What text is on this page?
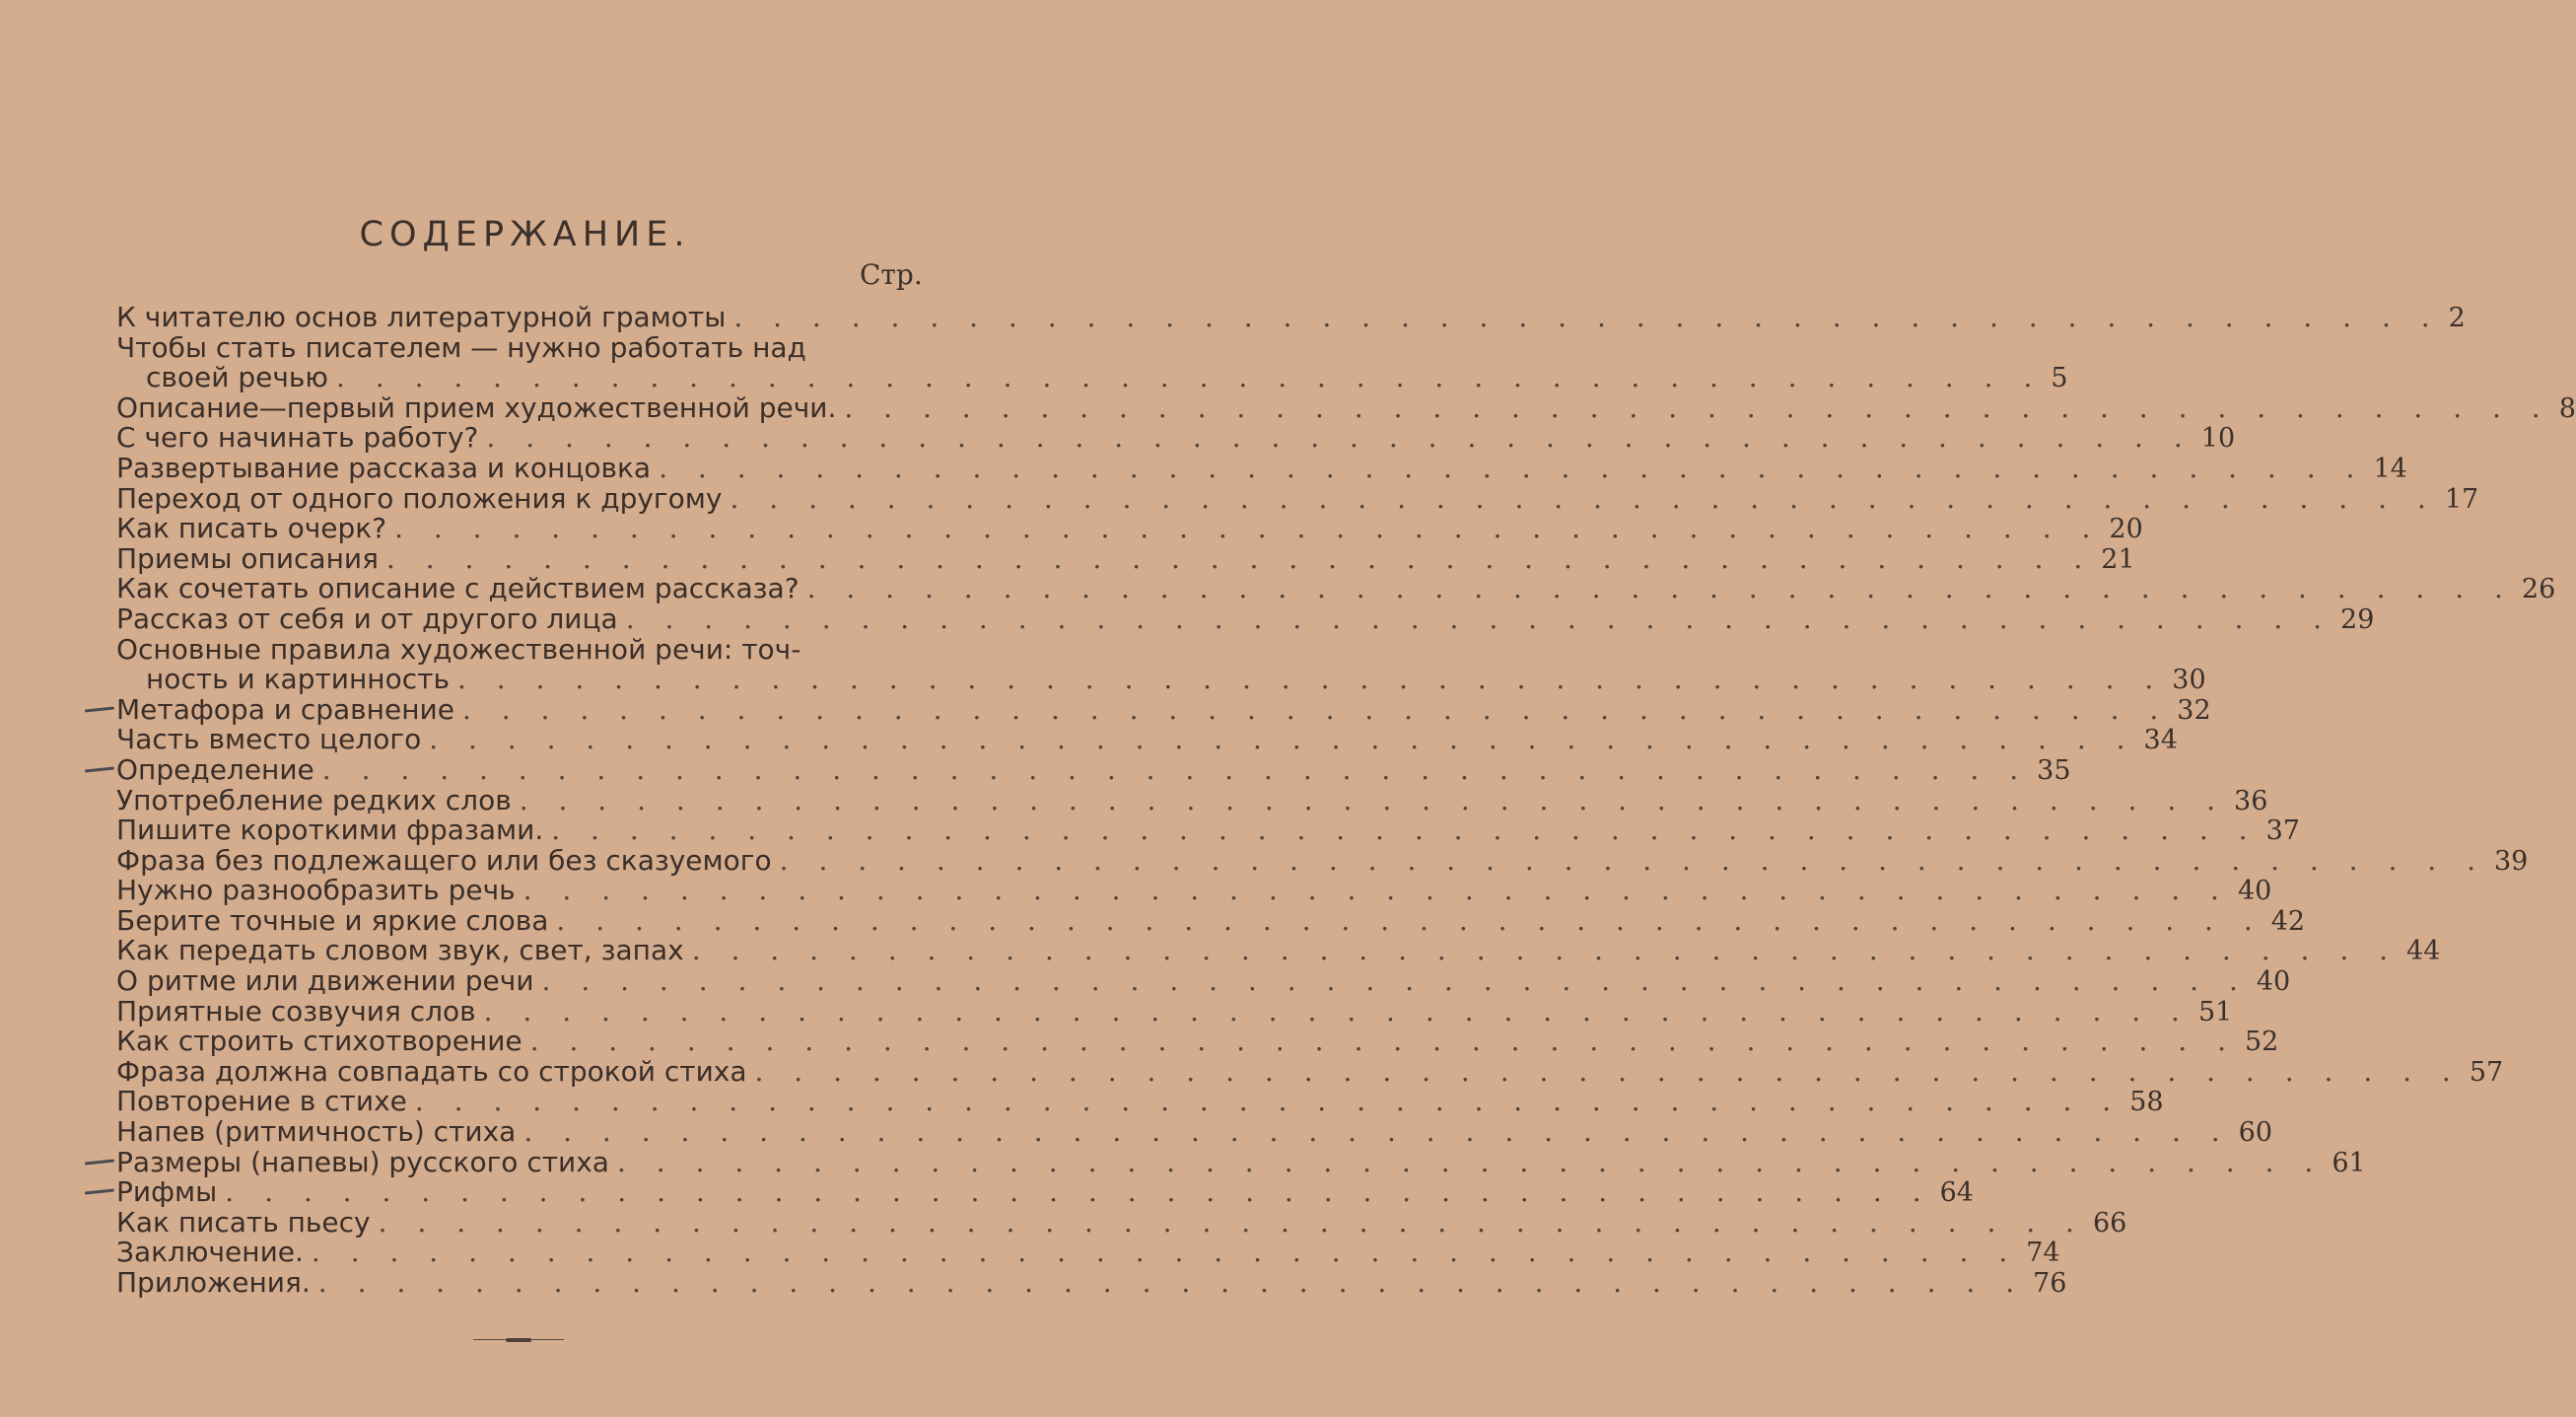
СОДЕРЖАНИЕ.
Стр.
К читателю основ литературной грамоты . . . . . . . . . . . . . . . . . . . . . . . . . . . . . . . . . . . . . . . . . . . . 2
Чтобы стать писателем — нужно работать над
своей речью . . . . . . . . . . . . . . . . . . . . . . . . . . . . . . . . . . . . . . . . . . . . 5
Описание—первый прием художественной речи. . . . . . . . . . . . . . . . . . . . . . . . . . . . . . . . . . . . . . . . . . . . . 8
С чего начинать работу? . . . . . . . . . . . . . . . . . . . . . . . . . . . . . . . . . . . . . . . . . . . . 10
Развертывание рассказа и концовка . . . . . . . . . . . . . . . . . . . . . . . . . . . . . . . . . . . . . . . . . . . . 14
Переход от одного положения к другому . . . . . . . . . . . . . . . . . . . . . . . . . . . . . . . . . . . . . . . . . . . . 17
Как писать очерк? . . . . . . . . . . . . . . . . . . . . . . . . . . . . . . . . . . . . . . . . . . . . 20
Приемы описания . . . . . . . . . . . . . . . . . . . . . . . . . . . . . . . . . . . . . . . . . . . . 21
Как сочетать описание с действием рассказа? . . . . . . . . . . . . . . . . . . . . . . . . . . . . . . . . . . . . . . . . . . . . 26
Рассказ от себя и от другого лица . . . . . . . . . . . . . . . . . . . . . . . . . . . . . . . . . . . . . . . . . . . . 29
Основные правила художественной речи: точ-
ность и картинность . . . . . . . . . . . . . . . . . . . . . . . . . . . . . . . . . . . . . . . . . . . . 30
Метафора и сравнение . . . . . . . . . . . . . . . . . . . . . . . . . . . . . . . . . . . . . . . . . . . . 32
Часть вместо целого . . . . . . . . . . . . . . . . . . . . . . . . . . . . . . . . . . . . . . . . . . . . 34
Определение . . . . . . . . . . . . . . . . . . . . . . . . . . . . . . . . . . . . . . . . . . . . 35
Употребление редких слов . . . . . . . . . . . . . . . . . . . . . . . . . . . . . . . . . . . . . . . . . . . . 36
Пишите короткими фразами. . . . . . . . . . . . . . . . . . . . . . . . . . . . . . . . . . . . . . . . . . . . . 37
Фраза без подлежащего или без сказуемого . . . . . . . . . . . . . . . . . . . . . . . . . . . . . . . . . . . . . . . . . . . . 39
Нужно разнообразить речь . . . . . . . . . . . . . . . . . . . . . . . . . . . . . . . . . . . . . . . . . . . . 40
Берите точные и яркие слова . . . . . . . . . . . . . . . . . . . . . . . . . . . . . . . . . . . . . . . . . . . . 42
Как передать словом звук, свет, запах . . . . . . . . . . . . . . . . . . . . . . . . . . . . . . . . . . . . . . . . . . . . 44
О ритме или движении речи . . . . . . . . . . . . . . . . . . . . . . . . . . . . . . . . . . . . . . . . . . . . 40
Приятные созвучия слов . . . . . . . . . . . . . . . . . . . . . . . . . . . . . . . . . . . . . . . . . . . . 51
Как строить стихотворение . . . . . . . . . . . . . . . . . . . . . . . . . . . . . . . . . . . . . . . . . . . . 52
Фраза должна совпадать со строкой стиха . . . . . . . . . . . . . . . . . . . . . . . . . . . . . . . . . . . . . . . . . . . . 57
Повторение в стихе . . . . . . . . . . . . . . . . . . . . . . . . . . . . . . . . . . . . . . . . . . . . 58
Напев (ритмичность) стиха . . . . . . . . . . . . . . . . . . . . . . . . . . . . . . . . . . . . . . . . . . . . 60
Размеры (напевы) русского стиха . . . . . . . . . . . . . . . . . . . . . . . . . . . . . . . . . . . . . . . . . . . . 61
Рифмы . . . . . . . . . . . . . . . . . . . . . . . . . . . . . . . . . . . . . . . . . . . . 64
Как писать пьесу . . . . . . . . . . . . . . . . . . . . . . . . . . . . . . . . . . . . . . . . . . . . 66
Заключение. . . . . . . . . . . . . . . . . . . . . . . . . . . . . . . . . . . . . . . . . . . . . 74
Приложения. . . . . . . . . . . . . . . . . . . . . . . . . . . . . . . . . . . . . . . . . . . . . 76
